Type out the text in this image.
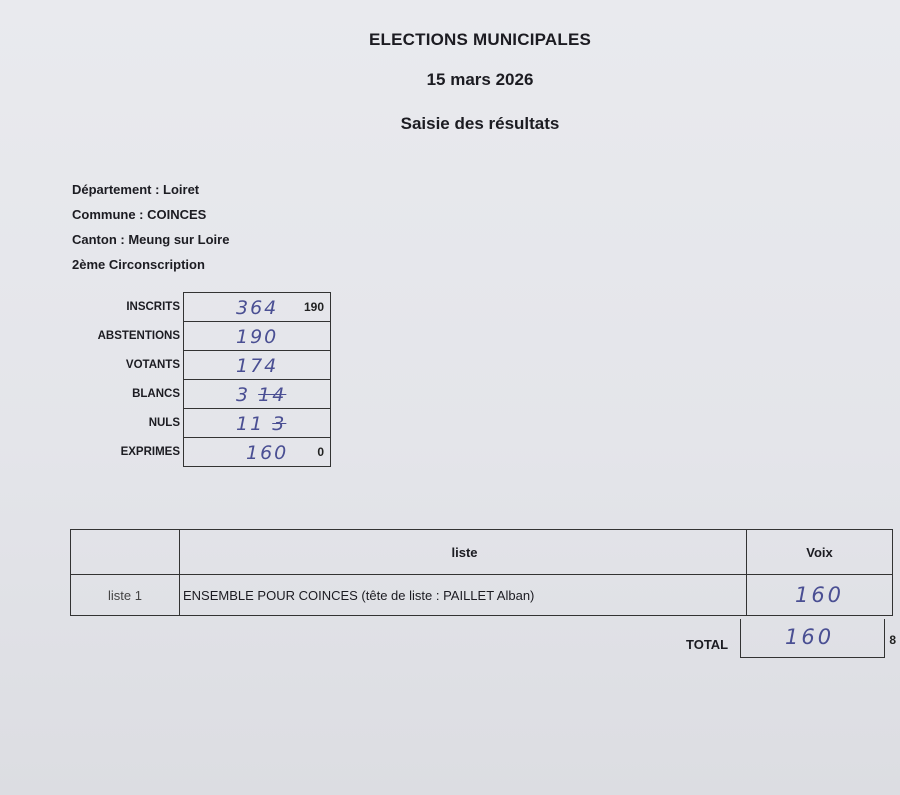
ELECTIONS MUNICIPALES
15 mars 2026
Saisie des résultats
Département : Loiret
Commune : COINCES
Canton : Meung sur Loire
2ème Circonscription
INSCRITS	364 190

ABSTENTIONS	190

VOTANTS	174

BLANCS	3 14

NULS	11 3

EXPRIMES	160 0
	liste	Voix
liste 1	ENSEMBLE POUR COINCES (tête de liste : PAILLET Alban)	160
TOTAL	160	8
